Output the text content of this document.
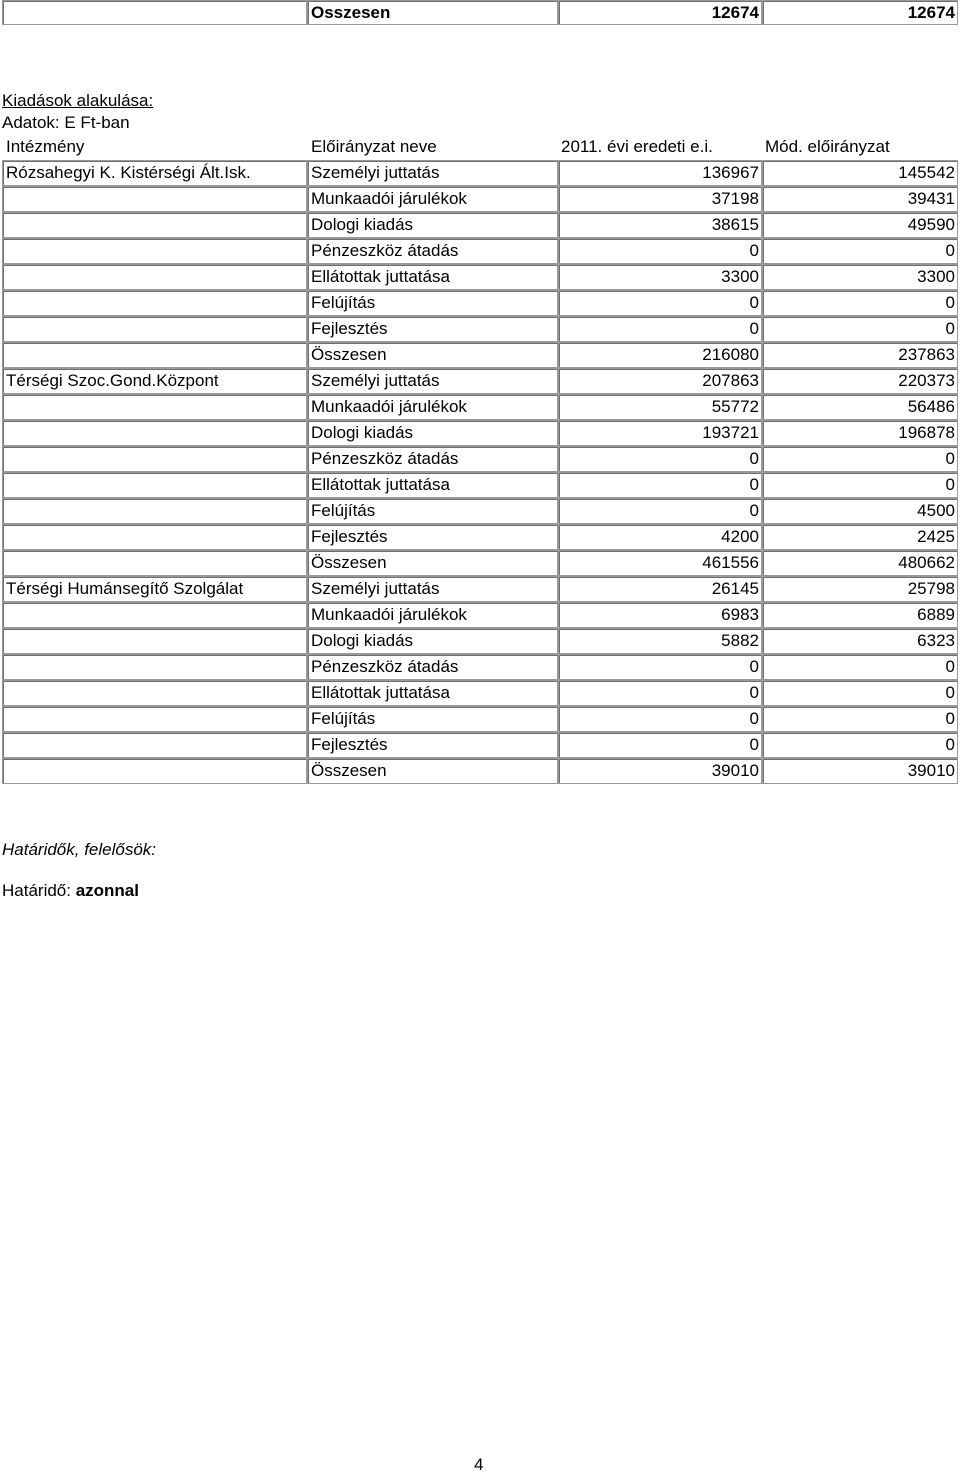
	Osszesen	12674	12674
Kiadások alakulása:
Adatok: E Ft-ban
Intézmény	Előirányzat neve	2011. évi eredeti e.i.	Mód. előirányzat
Rózsahegyi K. Kistérségi Ált.Isk.	Személyi juttatás	136967	145542
	Munkaadói járulékok	37198	39431
	Dologi kiadás	38615	49590
	Pénzeszköz átadás	0	0
	Ellátottak juttatása	3300	3300
	Felújítás	0	0
	Fejlesztés	0	0
	Összesen	216080	237863
Térségi Szoc.Gond.Központ	Személyi juttatás	207863	220373
	Munkaadói járulékok	55772	56486
	Dologi kiadás	193721	196878
	Pénzeszköz átadás	0	0
	Ellátottak juttatása	0	0
	Felújítás	0	4500
	Fejlesztés	4200	2425
	Összesen	461556	480662
Térségi Humánsegítő Szolgálat	Személyi juttatás	26145	25798
	Munkaadói járulékok	6983	6889
	Dologi kiadás	5882	6323
	Pénzeszköz átadás	0	0
	Ellátottak juttatása	0	0
	Felújítás	0	0
	Fejlesztés	0	0
	Összesen	39010	39010
Határidők, felelősök:
Határidő: azonnal
4
